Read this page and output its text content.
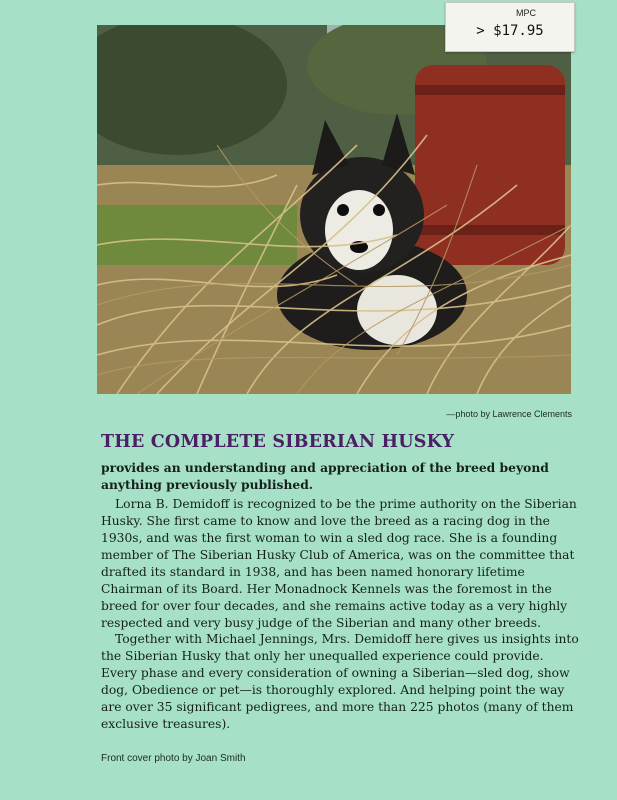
MPC
> $17.95
—photo by Lawrence Clements
THE COMPLETE SIBERIAN HUSKY

provides an understanding and appreciation of the breed beyond anything previously published.

Lorna B. Demidoff is recognized to be the prime authority on the Siberian Husky. She first came to know and love the breed as a racing dog in the 1930s, and was the first woman to win a sled dog race. She is a founding member of The Siberian Husky Club of America, was on the committee that drafted its standard in 1938, and has been named honorary lifetime Chairman of its Board. Her Monadnock Kennels was the foremost in the breed for over four decades, and she remains active today as a very highly respected and very busy judge of the Siberian and many other breeds.

Together with Michael Jennings, Mrs. Demidoff here gives us insights into the Siberian Husky that only her unequalled experience could provide. Every phase and every consideration of owning a Siberian—sled dog, show dog, Obedience or pet—is thoroughly explored. And helping point the way are over 35 significant pedigrees, and more than 225 photos (many of them exclusive treasures).

Front cover photo by Joan Smith
